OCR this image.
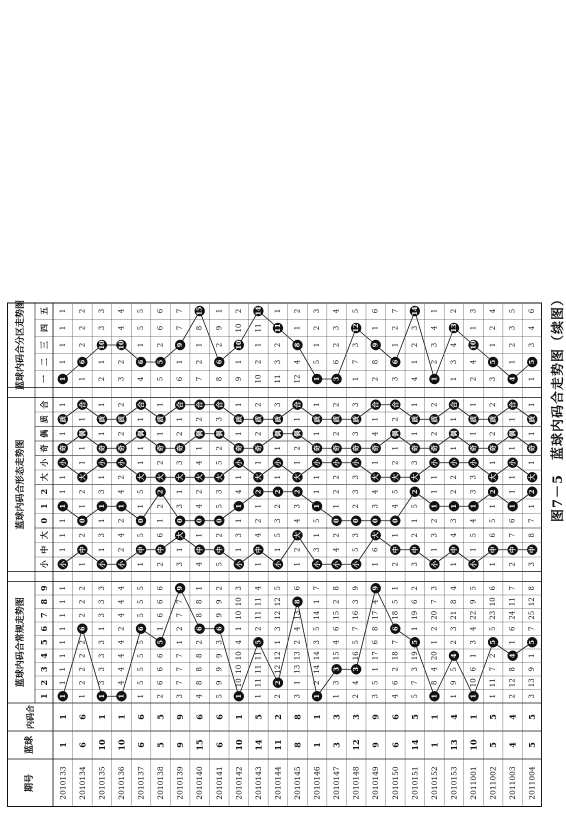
期号
蓝球
内码合
蓝球内码合常规走势图
蓝球内码合形态走势图
蓝球内码合分区走势图
1
2
3
4
5
6
7
8
9
小
中
大
0
1
2
大
小
奇
偶
质
合
一
二
三
四
五
2010133
1
1
1
1
1
1
1
1
1
1
1
小
1
1
1
1
1
1
小
奇
1
质
1
1
1
1
1
1
2010134
6
6
1
2
2
2
2
6
2
2
2
1
中
2
0
1
2
大
1
1
偶
1
合
1
6
2
2
2
2010135
10
1
1
3
3
3
3
1
3
3
3
小
1
3
1
1
3
1
小
奇
1
质
1
2
1
10
3
3
2010136
10
1
1
4
4
4
4
2
4
4
4
小
2
4
2
1
4
2
小
奇
2
质
2
3
2
10
4
4
2010137
6
6
1
5
5
5
5
6
5
5
5
1
中
5
0
1
5
大
1
1
偶
1
合
4
6
1
5
5
2010138
5
5
2
6
6
6
5
1
6
6
6
2
中
6
1
2
2
大
2
奇
1
质
1
5
5
2
6
6
2010139
9
9
3
7
7
7
1
2
7
7
9
3
1
大
0
3
1
大
3
奇
2
1
合
6
1
9
7
7
2010140
15
6
4
8
8
8
2
6
8
8
1
4
中
1
0
4
2
大
4
1
偶
2
合
7
2
1
8
15
2010141
6
6
5
9
9
9
3
6
9
9
2
5
中
2
0
5
3
大
5
2
偶
3
合
8
6
2
9
1
2010142
10
1
1
10
10
10
4
1
10
10
3
小
1
3
1
1
4
1
小
奇
1
质
1
9
1
10
10
2
2010143
14
5
1
11
11
11
5
2
11
11
4
1
中
4
2
1
2
大
1
奇
2
质
2
10
2
1
11
14
2010144
11
2
2
2
12
12
1
3
12
12
5
小
1
5
3
2
2
1
小
1
偶
质
3
11
3
2
11
1
2010145
8
8
3
1
13
13
2
4
13
8
6
1
2
大
4
3
2
大
1
2
偶
1
合
12
4
8
1
2
2010146
1
1
1
2
14
14
3
5
14
1
7
小
3
1
5
1
1
1
小
奇
1
质
1
1
5
1
2
3
2010147
3
3
1
3
3
15
4
6
15
2
8
小
4
2
0
1
2
2
小
奇
2
质
2
3
6
2
3
4
2010148
12
3
2
4
3
16
5
7
16
3
9
小
5
3
0
2
3
3
小
奇
3
质
3
1
7
3
12
5
2010149
9
9
3
5
1
17
6
8
17
4
9
1
6
大
0
3
4
大
1
奇
4
1
合
2
8
9
1
6
2010150
6
6
4
6
2
18
7
6
18
5
1
2
中
1
0
4
5
大
2
1
偶
2
合
3
6
1
2
7
2010151
14
5
5
7
3
19
5
1
19
6
2
3
中
2
1
5
2
大
3
奇
1
质
1
4
1
2
3
14
2010152
1
1
1
8
4
20
1
2
20
7
3
小
1
3
2
1
1
1
小
奇
2
质
2
1
2
3
4
1
2010153
13
4
1
9
5
4
2
3
21
8
4
1
中
4
3
1
2
2
小
1
偶
1
合
1
3
4
13
2
2011001
10
1
1
10
6
1
3
4
22
9
5
小
1
5
4
1
3
3
小
奇
1
质
1
2
4
10
1
3
2011002
5
5
1
11
7
2
5
5
23
10
6
1
中
6
5
1
2
大
1
奇
2
质
2
3
5
1
2
4
2011003
4
4
2
12
8
4
1
6
24
11
7
2
中
7
6
1
1
1
小
1
偶
1
合
4
1
2
3
5
2011004
5
5
3
13
9
1
5
7
25
12
8
3
中
8
7
1
2
大
1
奇
1
质
1
1
5
3
4
6	图7－5　蓝球内码合走势图（续图）
